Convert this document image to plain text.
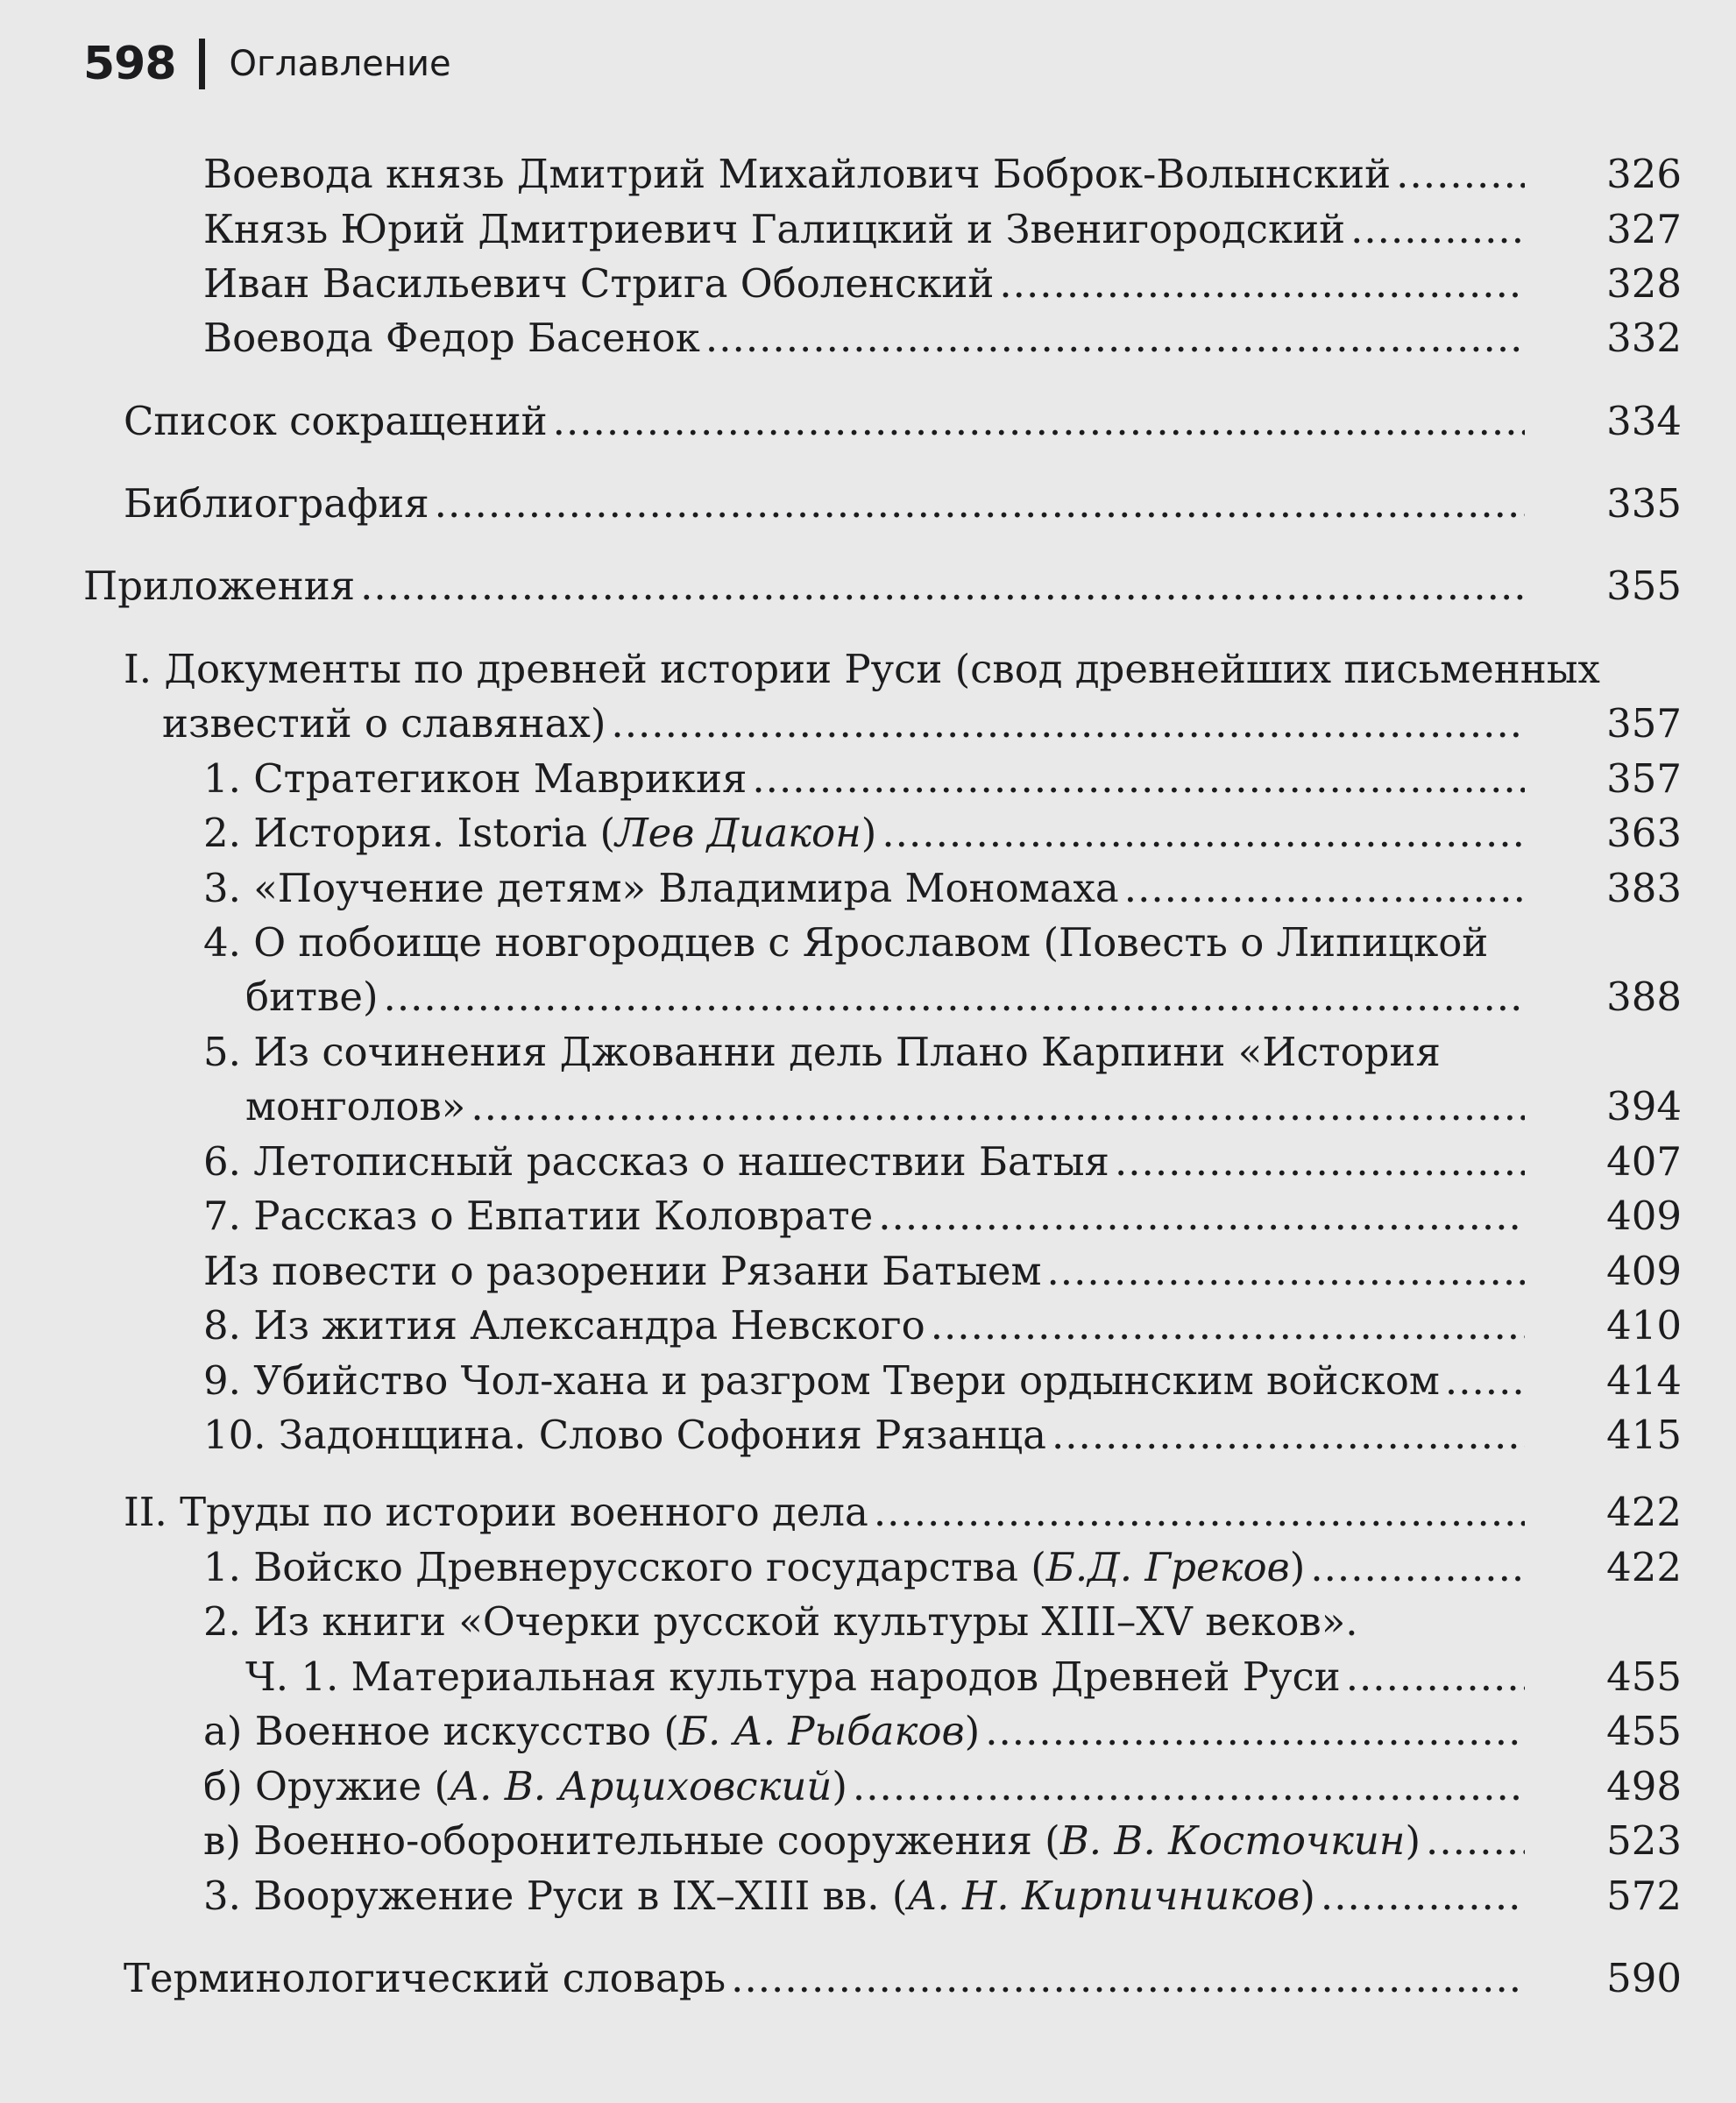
598 Оглавление
Воевода князь Дмитрий Михайлович Боброк-Волынский .....	326
Князь Юрий Дмитриевич Галицкий и Звенигородский .....	327
Иван Васильевич Стрига Оболенский .....	328
Воевода Федор Басенок .....	332
Список сокращений .....	334
Библиография .....	335
Приложения .....	355
I. Документы по древней истории Руси (свод древнейших письменных
известий о славянах) .....	357
1. Стратегикон Маврикия .....	357
2. История. Istoria (Лев Диакон) .....	363
3. «Поучение детям» Владимира Мономаха .....	383
4. О побоище новгородцев с Ярославом (Повесть о Липицкой
битве) .....	388
5. Из сочинения Джованни дель Плано Карпини «История
монголов» .....	394
6. Летописный рассказ о нашествии Батыя .....	407
7. Рассказ о Евпатии Коловрате .....	409
Из повести о разорении Рязани Батыем .....	409
8. Из жития Александра Невского .....	410
9. Убийство Чол-хана и разгром Твери ордынским войском .....	414
10. Задонщина. Слово Софония Рязанца .....	415
II. Труды по истории военного дела .....	422
1. Войско Древнерусского государства (Б.Д. Греков) .....	422
2. Из книги «Очерки русской культуры XIII–XV веков».
Ч. 1. Материальная культура народов Древней Руси .....	455
а) Военное искусство (Б. А. Рыбаков) .....	455
б) Оружие (А. В. Арциховский) .....	498
в) Военно-оборонительные сооружения (В. В. Косточкин) .....	523
3. Вооружение Руси в IX–XIII вв. (А. Н. Кирпичников) .....	572
Терминологический словарь .....	590
